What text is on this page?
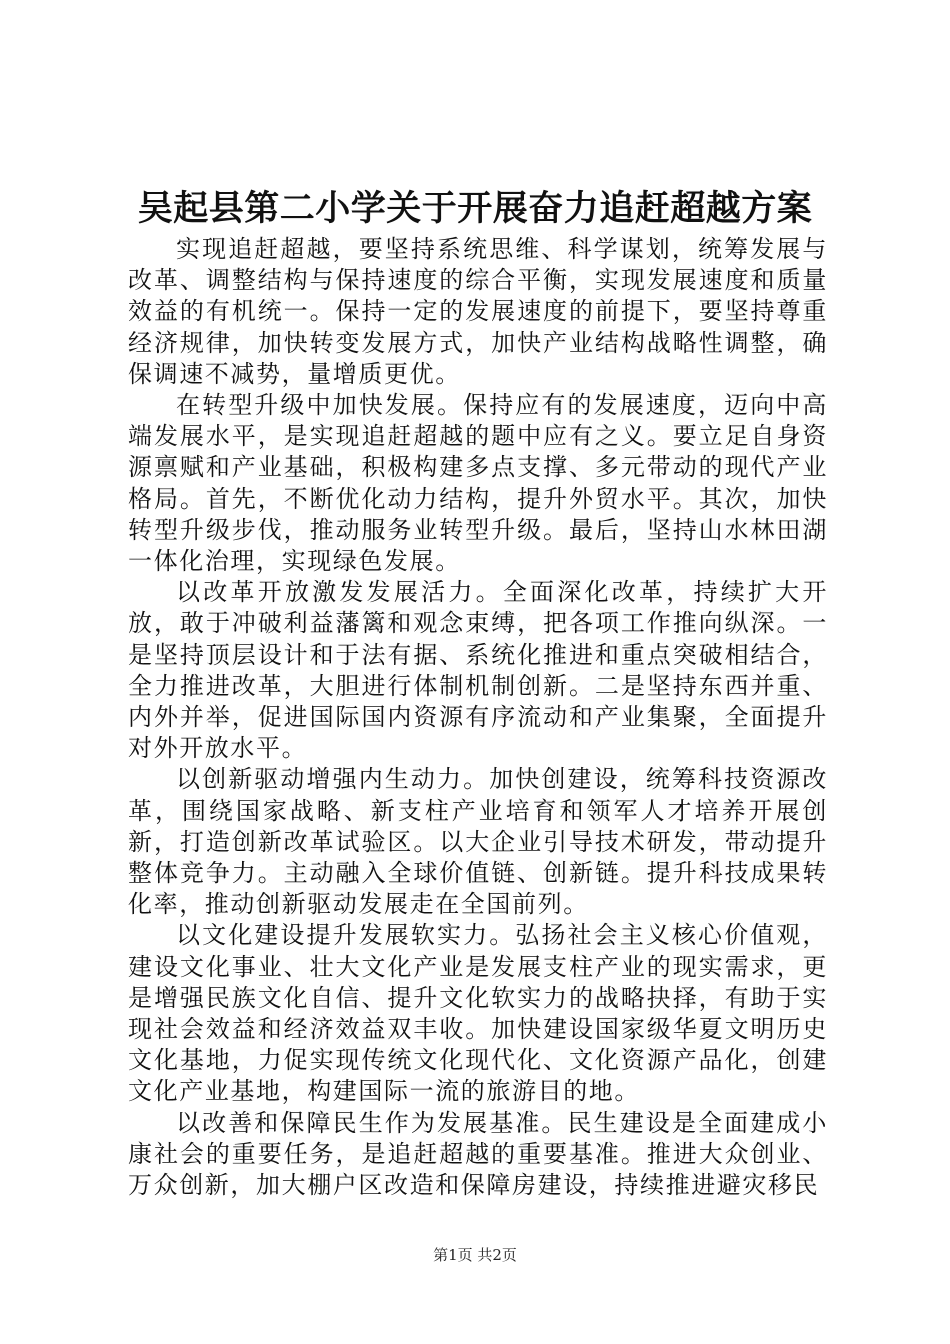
吴起县第二小学关于开展奋力追赶超越方案

实现追赶超越，要坚持系统思维、科学谋划，统筹发展与改革、调整结构与保持速度的综合平衡，实现发展速度和质量效益的有机统一。保持一定的发展速度的前提下，要坚持尊重经济规律，加快转变发展方式，加快产业结构战略性调整，确保调速不减势，量增质更优。

在转型升级中加快发展。保持应有的发展速度，迈向中高端发展水平，是实现追赶超越的题中应有之义。要立足自身资源禀赋和产业基础，积极构建多点支撑、多元带动的现代产业格局。首先，不断优化动力结构，提升外贸水平。其次，加快转型升级步伐，推动服务业转型升级。最后，坚持山水林田湖一体化治理，实现绿色发展。

以改革开放激发发展活力。全面深化改革，持续扩大开放，敢于冲破利益藩篱和观念束缚，把各项工作推向纵深。一是坚持顶层设计和于法有据、系统化推进和重点突破相结合，全力推进改革，大胆进行体制机制创新。二是坚持东西并重、内外并举，促进国际国内资源有序流动和产业集聚，全面提升对外开放水平。

以创新驱动增强内生动力。加快创建设，统筹科技资源改革，围绕国家战略、新支柱产业培育和领军人才培养开展创新，打造创新改革试验区。以大企业引导技术研发，带动提升整体竞争力。主动融入全球价值链、创新链。提升科技成果转化率，推动创新驱动发展走在全国前列。

以文化建设提升发展软实力。弘扬社会主义核心价值观，建设文化事业、壮大文化产业是发展支柱产业的现实需求，更是增强民族文化自信、提升文化软实力的战略抉择，有助于实现社会效益和经济效益双丰收。加快建设国家级华夏文明历史文化基地，力促实现传统文化现代化、文化资源产品化，创建文化产业基地，构建国际一流的旅游目的地。

以改善和保障民生作为发展基准。民生建设是全面建成小康社会的重要任务，是追赶超越的重要基准。推进大众创业、万众创新，加大棚户区改造和保障房建设，持续推进避灾移民

第1页 共2页
